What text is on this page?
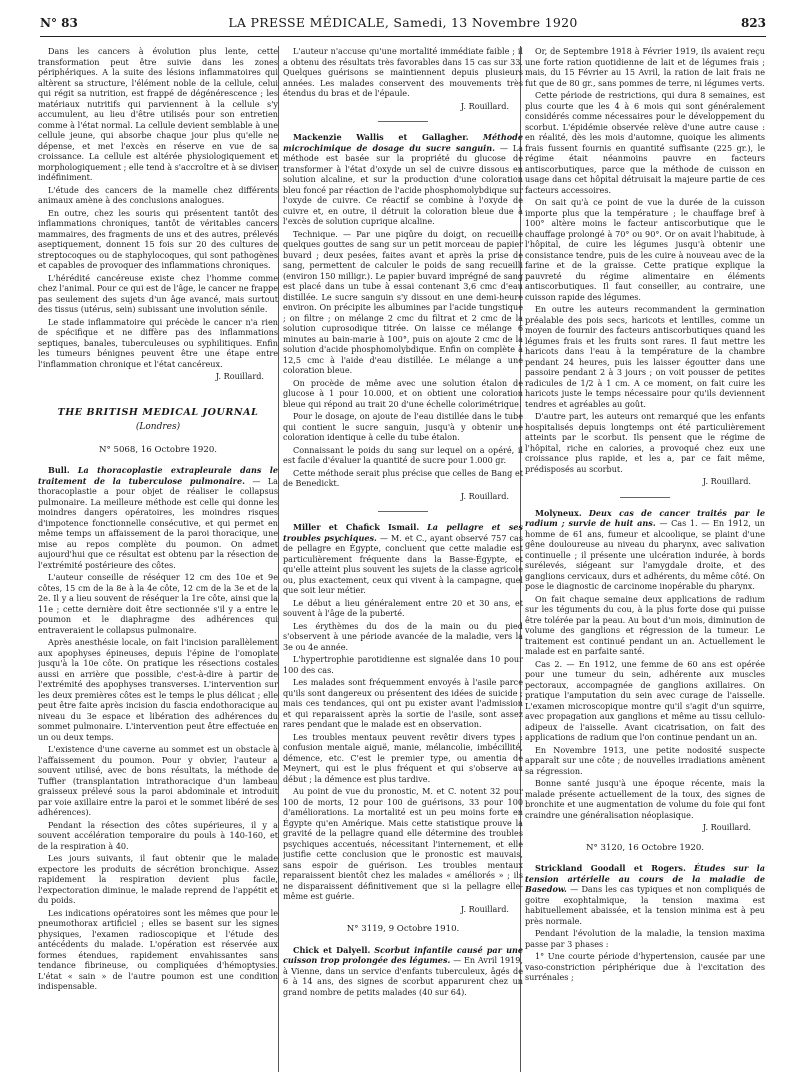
N° 83	LA PRESSE MÉDICALE, Samedi, 13 Novembre 1920	823

Dans les cancers à évolution plus lente, cette transformation peut être suivie dans les zones périphériques. A la suite des lésions inflammatoires qui altèrent sa structure, l'élément noble de la cellule, celui qui régit sa nutrition, est frappé de dégénérescence ; les matériaux nutritifs qui parviennent à la cellule s'y accumulent, au lieu d'être utilisés pour son entretien comme à l'état normal. La cellule devient semblable à une cellule jeune, qui absorbe chaque jour plus qu'elle ne dépense, et met l'excès en réserve en vue de sa croissance. La cellule est altérée physiologiquement et morphologiquement ; elle tend à s'accroître et à se diviser indéfiniment.

L'étude des cancers de la mamelle chez différents animaux amène à des conclusions analogues.

En outre, chez les souris qui présentent tantôt des inflammations chroniques, tantôt de véritables cancers mammaires, des fragments de uns et des autres, prélevés aseptiquement, donnent 15 fois sur 20 des cultures de streptocoques ou de staphylocoques, qui sont pathogènes et capables de provoquer des inflammations chroniques.

L'hérédité cancéreuse existe chez l'homme comme chez l'animal. Pour ce qui est de l'âge, le cancer ne frappe pas seulement des sujets d'un âge avancé, mais surtout des tissus (utérus, sein) subissant une involution sénile.

Le stade inflammatoire qui précède le cancer n'a rien de spécifique et ne diffère pas des inflammations septiques, banales, tuberculeuses ou syphilitiques. Enfin les tumeurs bénignes peuvent être une étape entre l'inflammation chronique et l'état cancéreux.

J. Rouillard.

THE BRITISH MEDICAL JOURNAL

(Londres)

N° 5068, 16 Octobre 1920.

Bull. La thoracoplastie extrapleurale dans le traitement de la tuberculose pulmonaire. — La thoracoplastie a pour objet de réaliser le collapsus pulmonaire. La meilleure méthode est celle qui donne les moindres dangers opératoires, les moindres risques d'impotence fonctionnelle consécutive, et qui permet en même temps un affaissement de la paroi thoracique, une mise au repos complète du poumon. On admet aujourd'hui que ce résultat est obtenu par la résection de l'extrémité postérieure des côtes.

L'auteur conseille de réséquer 12 cm des 10e et 9e côtes, 15 cm de la 8e à la 4e côte, 12 cm de la 3e et de la 2e. Il y a lieu souvent de réséquer la 1re côte, ainsi que la 11e ; cette dernière doit être sectionnée s'il y a entre le poumon et le diaphragme des adhérences qui entraveraient le collapsus pulmonaire.

Après anesthésie locale, on fait l'incision parallèlement aux apophyses épineuses, depuis l'épine de l'omoplate jusqu'à la 10e côte. On pratique les résections costales aussi en arrière que possible, c'est-à-dire à partir de l'extrémité des apophyses transverses. L'intervention sur les deux premières côtes est le temps le plus délicat ; elle peut être faite après incision du fascia endothoracique au niveau du 3e espace et libération des adhérences du sommet pulmonaire. L'intervention peut être effectuée en un ou deux temps.

L'existence d'une caverne au sommet est un obstacle à l'affaissement du poumon. Pour y obvier, l'auteur a souvent utilisé, avec de bons résultats, la méthode de Tuffier (transplantation intrathoracique d'un lambeau graisseux prélevé sous la paroi abdominale et introduit par voie axillaire entre la paroi et le sommet libéré de ses adhérences).

Pendant la résection des côtes supérieures, il y a souvent accélération temporaire du pouls à 140-160, et de la respiration à 40.

Les jours suivants, il faut obtenir que le malade expectore les produits de sécrétion bronchique. Assez rapidement la respiration devient plus facile, l'expectoration diminue, le malade reprend de l'appétit et du poids.

Les indications opératoires sont les mêmes que pour le pneumothorax artificiel ; elles se basent sur les signes physiques, l'examen radioscopique et l'étude des antécédents du malade. L'opération est réservée aux formes étendues, rapidement envahissantes sans tendance fibrineuse, ou compliquées d'hémoptysies. L'état « sain » de l'autre poumon est une condition indispensable.

L'auteur n'accuse qu'une mortalité immédiate faible ; il a obtenu des résultats très favorables dans 15 cas sur 33. Quelques guérisons se maintiennent depuis plusieurs années. Les malades conservent des mouvements très étendus du bras et de l'épaule.

J. Rouillard.

Mackenzie Wallis et Gallagher. Méthode microchimique de dosage du sucre sanguin. — La méthode est basée sur la propriété du glucose de transformer à l'état d'oxyde un sel de cuivre dissous en solution alcaline, et sur la production d'une coloration bleu foncé par réaction de l'acide phosphomolybdique sur l'oxyde de cuivre. Ce réactif se combine à l'oxyde de cuivre et, en outre, il détruit la coloration bleue due à l'excès de solution cuprique alcaline.

Technique. — Par une piqûre du doigt, on recueille quelques gouttes de sang sur un petit morceau de papier buvard ; deux pesées, faites avant et après la prise de sang, permettent de calculer le poids de sang recueilli (environ 150 milligr.). Le papier buvard imprégné de sang est placé dans un tube à essai contenant 3,6 cmc d'eau distillée. Le sucre sanguin s'y dissout en une demi-heure environ. On précipite les albumines par l'acide tungstique ; on filtre ; on mélange 2 cmc du filtrat et 2 cmc de la solution cuprosodique titrée. On laisse ce mélange 6 minutes au bain-marie à 100°, puis on ajoute 2 cmc de la solution d'acide phosphomolybdique. Enfin on complète à 12,5 cmc à l'aide d'eau distillée. Le mélange a une coloration bleue.

On procède de même avec une solution étalon de glucose à 1 pour 10.000, et on obtient une coloration bleue qui répond au trait 20 d'une échelle colorimétrique.

Pour le dosage, on ajoute de l'eau distillée dans le tube qui contient le sucre sanguin, jusqu'à y obtenir une coloration identique à celle du tube étalon.

Connaissant le poids du sang sur lequel on a opéré, il est facile d'évaluer la quantité de sucre pour 1.000 gr.

Cette méthode serait plus précise que celles de Bang et de Benedickt.

J. Rouillard.

Miller et Chafick Ismail. La pellagre et ses troubles psychiques. — M. et C., ayant observé 757 cas de pellagre en Égypte, concluent que cette maladie est particulièrement fréquente dans la Basse-Égypte, et qu'elle atteint plus souvent les sujets de la classe agricole ou, plus exactement, ceux qui vivent à la campagne, quel que soit leur métier.

Le début a lieu généralement entre 20 et 30 ans, et souvent à l'âge de la puberté.

Les érythèmes du dos de la main ou du pied s'observent à une période avancée de la maladie, vers la 3e ou 4e année.

L'hypertrophie parotidienne est signalée dans 10 pour 100 des cas.

Les malades sont fréquemment envoyés à l'asile parce qu'ils sont dangereux ou présentent des idées de suicide ; mais ces tendances, qui ont pu exister avant l'admission et qui reparaissent après la sortie de l'asile, sont assez rares pendant que le malade est en observation.

Les troubles mentaux peuvent revêtir divers types : confusion mentale aiguë, manie, mélancolie, imbécillité, démence, etc. C'est le premier type, ou amentia de Meynert, qui est le plus fréquent et qui s'observe au début ; la démence est plus tardive.

Au point de vue du pronostic, M. et C. notent 32 pour 100 de morts, 12 pour 100 de guérisons, 33 pour 100 d'améliorations. La mortalité est un peu moins forte en Égypte qu'en Amérique. Mais cette statistique prouve la gravité de la pellagre quand elle détermine des troubles psychiques accentués, nécessitant l'internement, et elle justifie cette conclusion que le pronostic est mauvais, sans espoir de guérison. Les troubles mentaux reparaissent bientôt chez les malades « améliorés » ; ils ne disparaissent définitivement que si la pellagre elle-même est guérie.

J. Rouillard.

N° 3119, 9 Octobre 1910.

Chick et Dalyell. Scorbut infantile causé par une cuisson trop prolongée des légumes. — En Avril 1919, à Vienne, dans un service d'enfants tuberculeux, âgés de 6 à 14 ans, des signes de scorbut apparurent chez un grand nombre de petits malades (40 sur 64).

Or, de Septembre 1918 à Février 1919, ils avaient reçu une forte ration quotidienne de lait et de légumes frais ; mais, du 15 Février au 15 Avril, la ration de lait frais ne fut que de 80 gr., sans pommes de terre, ni légumes verts.

Cette période de restrictions, qui dura 8 semaines, est plus courte que les 4 à 6 mois qui sont généralement considérés comme nécessaires pour le développement du scorbut. L'épidémie observée relève d'une autre cause : en réalité, dès les mois d'automne, quoique les aliments frais fussent fournis en quantité suffisante (225 gr.), le régime était néanmoins pauvre en facteurs antiscorbutiques, parce que la méthode de cuisson en usage dans cet hôpital détruisait la majeure partie de ces facteurs accessoires.

On sait qu'à ce point de vue la durée de la cuisson importe plus que la température ; le chauffage bref à 100° altère moins le facteur antiscorbutique que le chauffage prolongé à 70° ou 90°. Or on avait l'habitude, à l'hôpital, de cuire les légumes jusqu'à obtenir une consistance tendre, puis de les cuire à nouveau avec de la farine et de la graisse. Cette pratique explique la pauvreté du régime alimentaire en éléments antiscorbutiques. Il faut conseiller, au contraire, une cuisson rapide des légumes.

En outre les auteurs recommandent la germination préalable des pois secs, haricots et lentilles, comme un moyen de fournir des facteurs antiscorbutiques quand les légumes frais et les fruits sont rares. Il faut mettre les haricots dans l'eau à la température de la chambre pendant 24 heures, puis les laisser égoutter dans une passoire pendant 2 à 3 jours ; on voit pousser de petites radicules de 1/2 à 1 cm. A ce moment, on fait cuire les haricots juste le temps nécessaire pour qu'ils deviennent tendres et agréables au goût.

D'autre part, les auteurs ont remarqué que les enfants hospitalisés depuis longtemps ont été particulièrement atteints par le scorbut. Ils pensent que le régime de l'hôpital, riche en calories, a provoqué chez eux une croissance plus rapide, et les a, par ce fait même, prédisposés au scorbut.

J. Rouillard.

Molyneux. Deux cas de cancer traités par le radium ; survie de huit ans. — Cas 1. — En 1912, un homme de 61 ans, fumeur et alcoolique, se plaint d'une gêne douloureuse au niveau du pharynx, avec salivation continuelle ; il présente une ulcération indurée, à bords surélevés, siégeant sur l'amygdale droite, et des ganglions cervicaux, durs et adhérents, du même côté. On pose le diagnostic de carcinome inopérable du pharynx.

On fait chaque semaine deux applications de radium sur les téguments du cou, à la plus forte dose qui puisse être tolérée par la peau. Au bout d'un mois, diminution de volume des ganglions et régression de la tumeur. Le traitement est continué pendant un an. Actuellement le malade est en parfaite santé.

Cas 2. — En 1912, une femme de 60 ans est opérée pour une tumeur du sein, adhérente aux muscles pectoraux, accompagnée de ganglions axillaires. On pratique l'amputation du sein avec curage de l'aisselle. L'examen microscopique montre qu'il s'agit d'un squirre, avec propagation aux ganglions et même au tissu cellulo-adipeux de l'aisselle. Avant cicatrisation, on fait des applications de radium que l'on continue pendant un an.

En Novembre 1913, une petite nodosité suspecte apparaît sur une côte ; de nouvelles irradiations amènent sa régression.

Bonne santé jusqu'à une époque récente, mais la malade présente actuellement de la toux, des signes de bronchite et une augmentation de volume du foie qui font craindre une généralisation néoplasique.

J. Rouillard.

N° 3120, 16 Octobre 1920.

Strickland Goodall et Rogers. Études sur la tension artérielle au cours de la maladie de Basedow. — Dans les cas typiques et non compliqués de goitre exophtalmique, la tension maxima est habituellement abaissée, et la tension minima est à peu près normale.

Pendant l'évolution de la maladie, la tension maxima passe par 3 phases :

1° Une courte période d'hypertension, causée par une vaso-constriction périphérique due à l'excitation des surrénales ;
